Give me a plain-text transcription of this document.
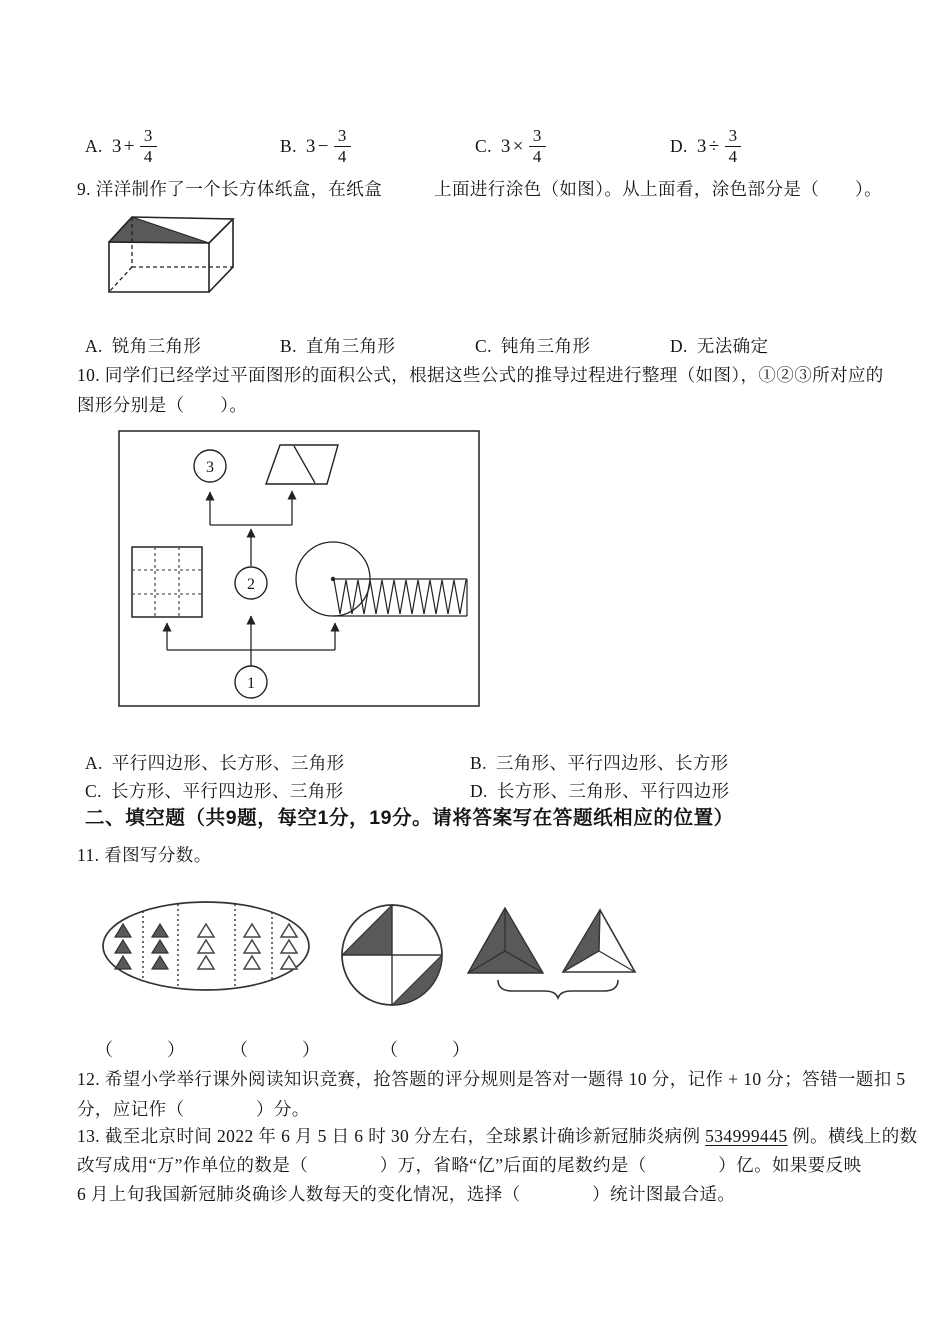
A. $3 + \frac{3}{4}$	B. $3 - \frac{3}{4}$	C. $3 \times \frac{3}{4}$	D. $3 \div \frac{3}{4}$
9. 洋洋制作了一个长方体纸盒，在纸盒	上面进行涂色（如图）。从上面看，涂色部分是（　　）。
A. 锐角三角形	B. 直角三角形	C. 钝角三角形	D. 无法确定
10. 同学们已经学过平面图形的面积公式，根据这些公式的推导过程进行整理（如图），①②③所对应的
图形分别是（　　）。
3
2
1
A. 平行四边形、长方形、三角形	B. 三角形、平行四边形、长方形
C. 长方形、平行四边形、三角形	D. 长方形、三角形、平行四边形
二、填空题（共9题，每空1分，19分。请将答案写在答题纸相应的位置）
11. 看图写分数。
（　　　）	（　　　）	（　　　）
12. 希望小学举行课外阅读知识竞赛，抢答题的评分规则是答对一题得 10 分，记作 + 10 分；答错一题扣 5
分，应记作（　　　　）分。
13. 截至北京时间 2022 年 6 月 5 日 6 时 30 分左右，全球累计确诊新冠肺炎病例 534999445 例。横线上的数
改写成用“万”作单位的数是（　　　　）万，省略“亿”后面的尾数约是（　　　　）亿。如果要反映
6 月上旬我国新冠肺炎确诊人数每天的变化情况，选择（　　　　）统计图最合适。
